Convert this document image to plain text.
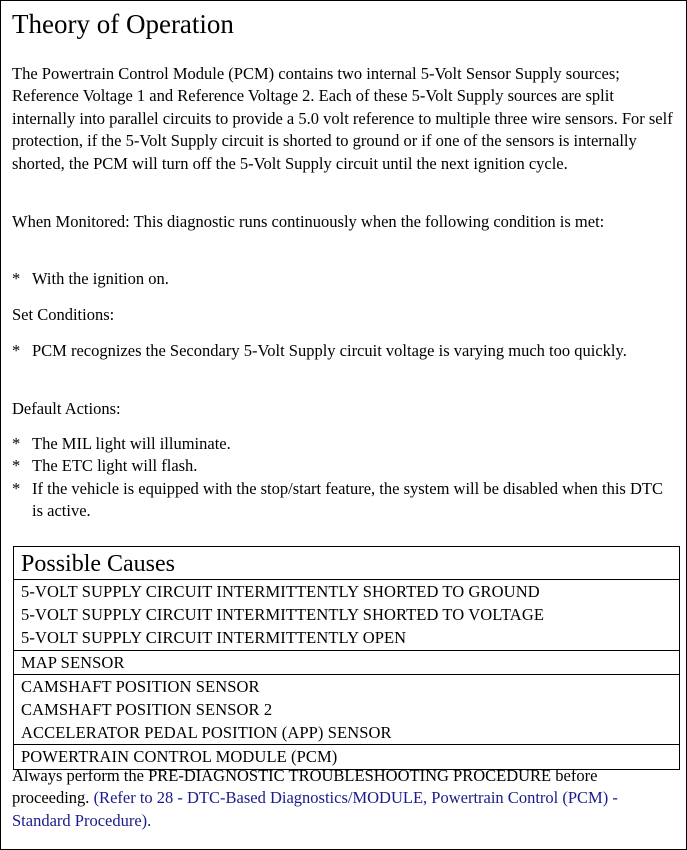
Theory of Operation
The Powertrain Control Module (PCM) contains two internal 5-Volt Sensor Supply sources; Reference Voltage 1 and Reference Voltage 2. Each of these 5-Volt Supply sources are split internally into parallel circuits to provide a 5.0 volt reference to multiple three wire sensors. For self protection, if the 5-Volt Supply circuit is shorted to ground or if one of the sensors is internally shorted, the PCM will turn off the 5-Volt Supply circuit until the next ignition cycle.
When Monitored: This diagnostic runs continuously when the following condition is met:
* With the ignition on.
Set Conditions:
* PCM recognizes the Secondary 5-Volt Supply circuit voltage is varying much too quickly.
Default Actions:
* The MIL light will illuminate.
* The ETC light will flash.
* If the vehicle is equipped with the stop/start feature, the system will be disabled when this DTC is active.
Possible Causes
5-VOLT SUPPLY CIRCUIT INTERMITTENTLY SHORTED TO GROUND
5-VOLT SUPPLY CIRCUIT INTERMITTENTLY SHORTED TO VOLTAGE
5-VOLT SUPPLY CIRCUIT INTERMITTENTLY OPEN
MAP SENSOR
CAMSHAFT POSITION SENSOR
CAMSHAFT POSITION SENSOR 2
ACCELERATOR PEDAL POSITION (APP) SENSOR
POWERTRAIN CONTROL MODULE (PCM)
Always perform the PRE-DIAGNOSTIC TROUBLESHOOTING PROCEDURE before proceeding. (Refer to 28 - DTC-Based Diagnostics/MODULE, Powertrain Control (PCM) - Standard Procedure).
